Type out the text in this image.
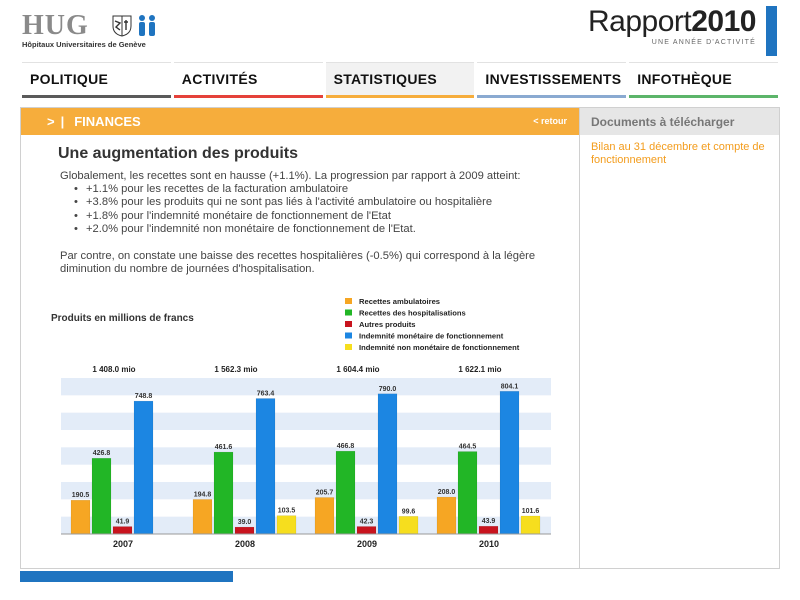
HUG
Hôpitaux Universitaires de Genève
Rapport2010
UNE ANNÉE D'ACTIVITÉ
POLITIQUE	ACTIVITÉS	STATISTIQUES	INVESTISSEMENTS	INFOTHÈQUE
> | FINANCES	< retour
Une augmentation des produits
Globalement, les recettes sont en hausse (+1.1%). La progression par rapport à 2009 atteint:
• +1.1% pour les recettes de la facturation ambulatoire
• +3.8% pour les produits qui ne sont pas liés à l'activité ambulatoire ou hospitalière
• +1.8% pour l'indemnité monétaire de fonctionnement de l'Etat
• +2.0% pour l'indemnité non monétaire de fonctionnement de l'Etat.
Par contre, on constate une baisse des recettes hospitalières (-0.5%) qui correspond à la légère diminution du nombre de journées d'hospitalisation.
Produits en millions de francs
Recettes ambulatoires
Recettes des hospitalisations
Autres produits
Indemnité monétaire de fonctionnement
Indemnité non monétaire de fonctionnement
1 408.0 mio
2007
190.5
426.8
41.9
748.8
1 562.3 mio
2008
194.8
461.6
39.0
763.4
103.5
1 604.4 mio
2009
205.7
466.8
42.3
790.0
99.6
1 622.1 mio
2010
208.0
464.5
43.9
804.1
101.6
Documents à télécharger
Bilan au 31 décembre et compte de fonctionnement
